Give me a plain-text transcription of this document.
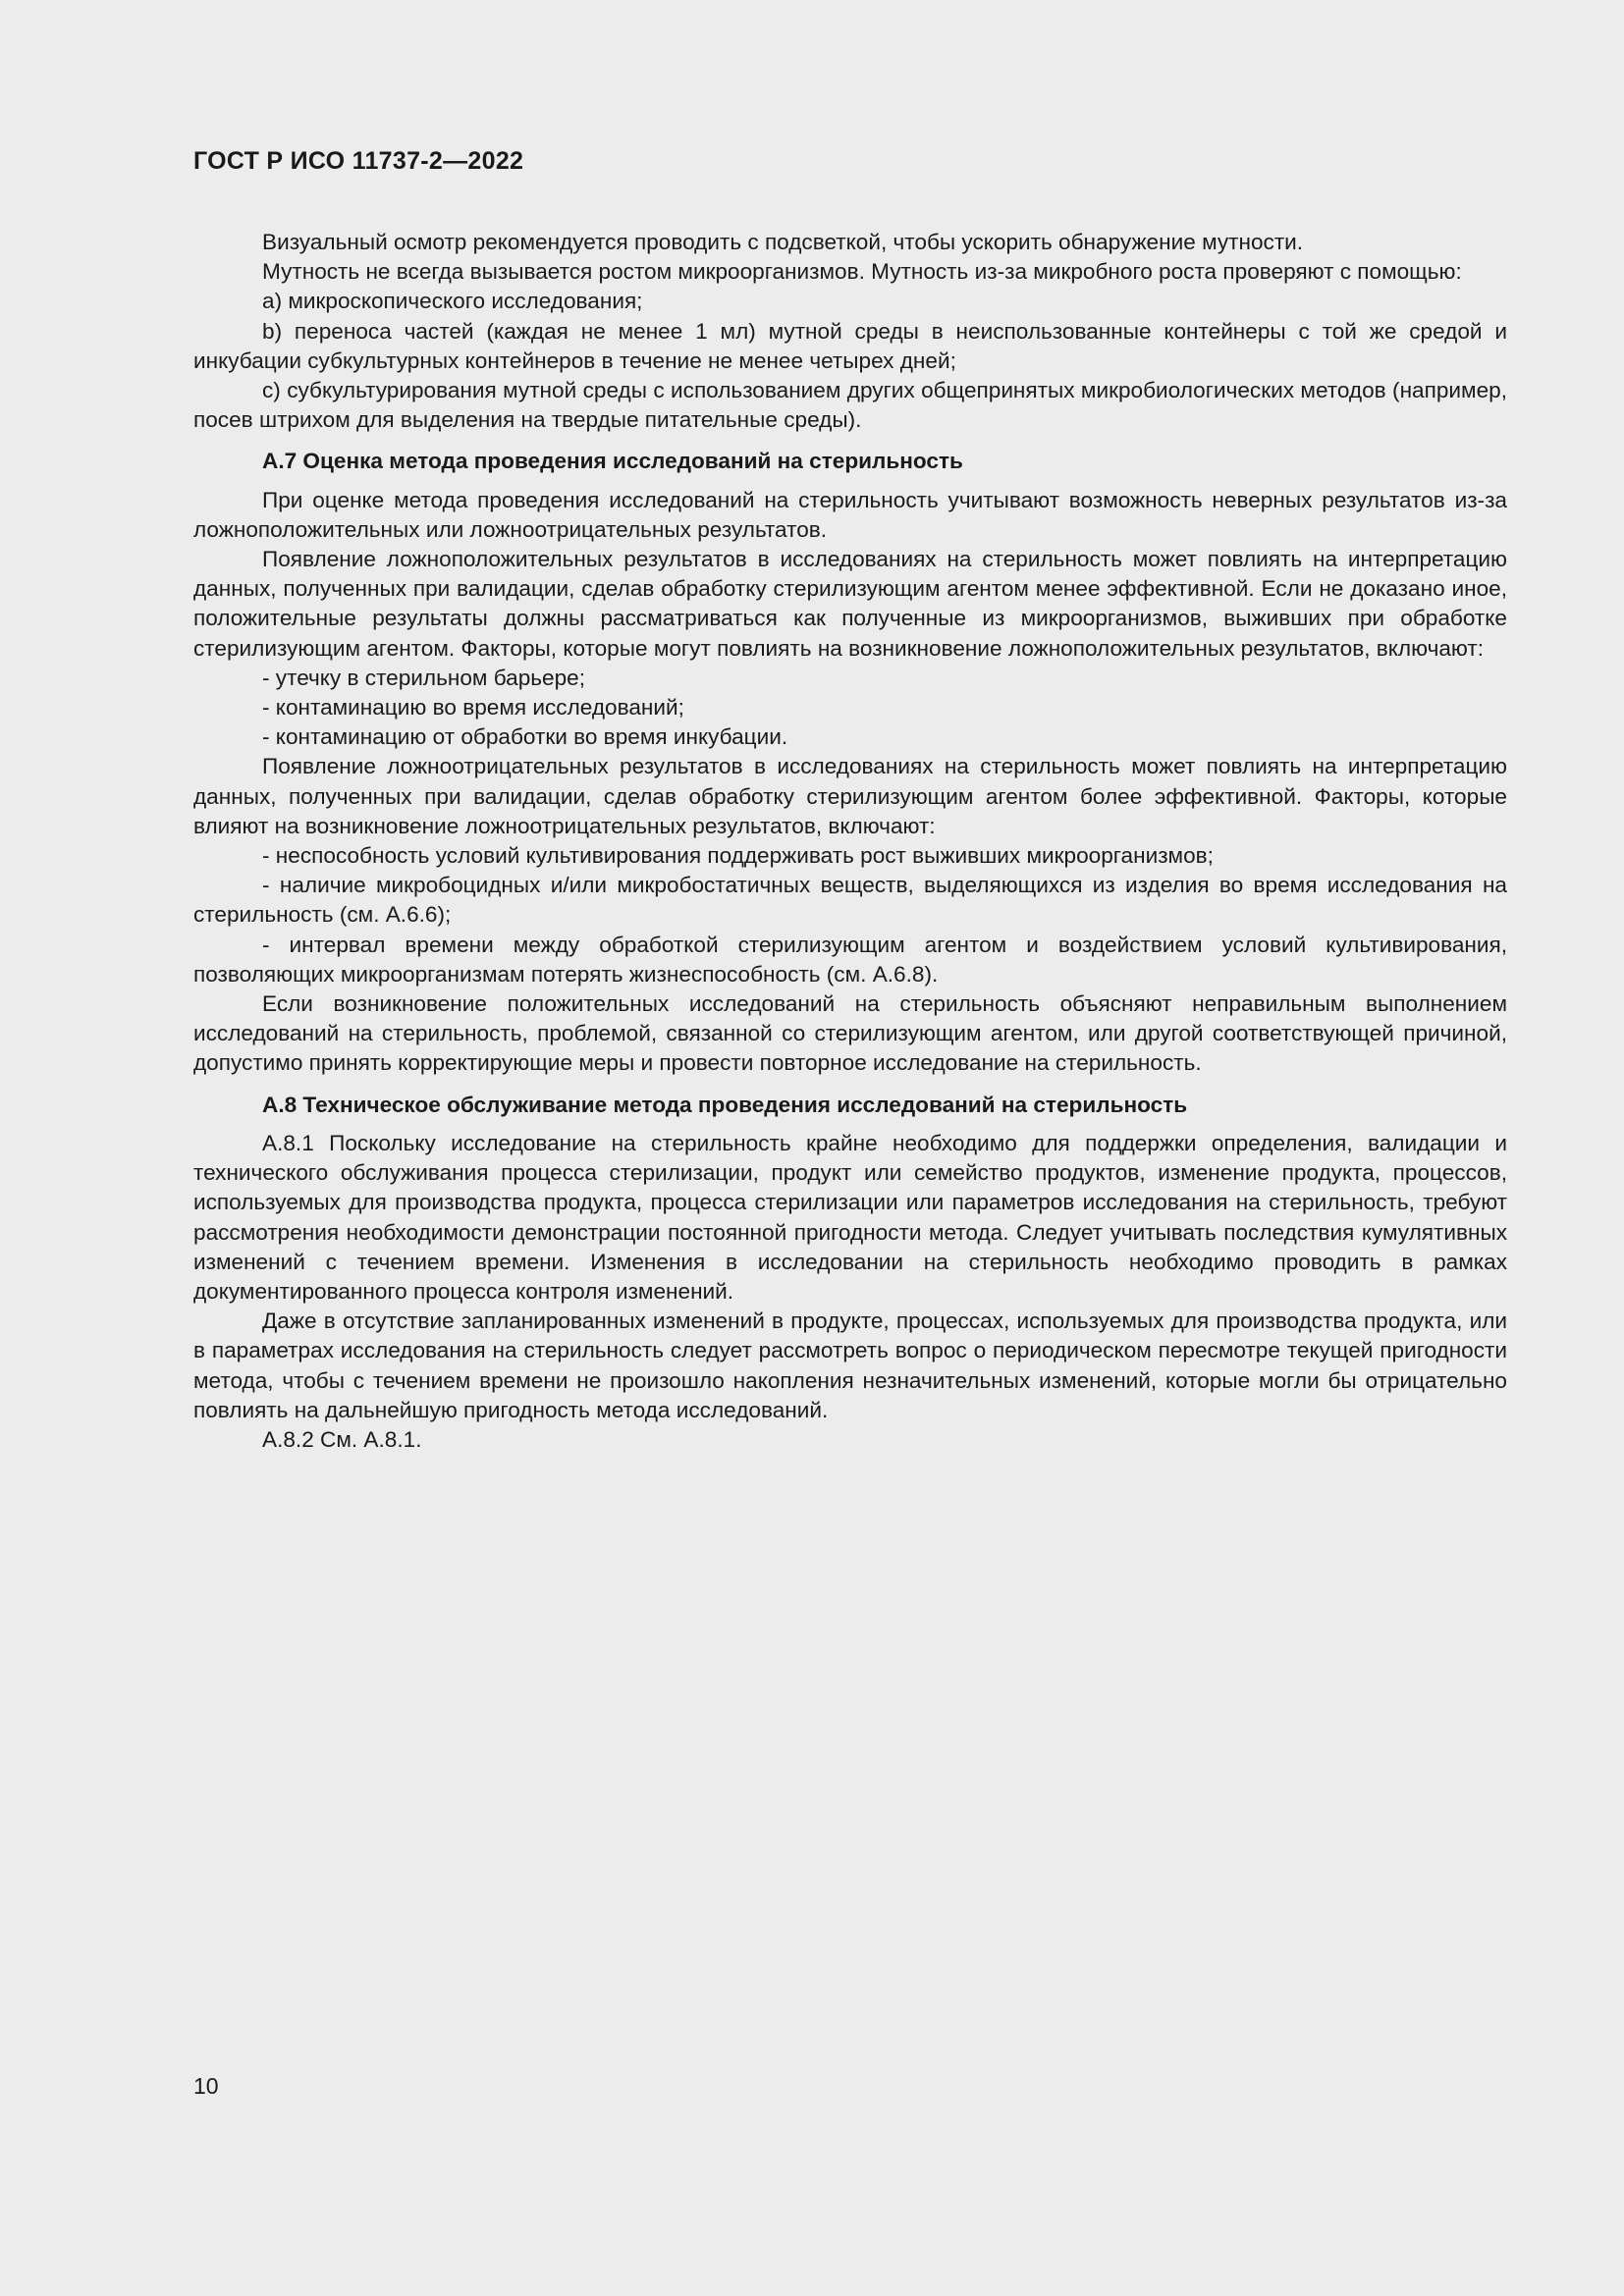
ГОСТ Р ИСО 11737-2—2022

Визуальный осмотр рекомендуется проводить с подсветкой, чтобы ускорить обнаружение мутности.

Мутность не всегда вызывается ростом микроорганизмов. Мутность из-за микробного роста проверяют с помощью:

а) микроскопического исследования;

b) переноса частей (каждая не менее 1 мл) мутной среды в неиспользованные контейнеры с той же средой и инкубации субкультурных контейнеров в течение не менее четырех дней;

с) субкультурирования мутной среды с использованием других общепринятых микробиологических методов (например, посев штрихом для выделения на твердые питательные среды).

А.7 Оценка метода проведения исследований на стерильность

При оценке метода проведения исследований на стерильность учитывают возможность неверных результатов из-за ложноположительных или ложноотрицательных результатов.

Появление ложноположительных результатов в исследованиях на стерильность может повлиять на интерпретацию данных, полученных при валидации, сделав обработку стерилизующим агентом менее эффективной. Если не доказано иное, положительные результаты должны рассматриваться как полученные из микроорганизмов, выживших при обработке стерилизующим агентом. Факторы, которые могут повлиять на возникновение ложноположительных результатов, включают:

- утечку в стерильном барьере;

- контаминацию во время исследований;

- контаминацию от обработки во время инкубации.

Появление ложноотрицательных результатов в исследованиях на стерильность может повлиять на интерпретацию данных, полученных при валидации, сделав обработку стерилизующим агентом более эффективной. Факторы, которые влияют на возникновение ложноотрицательных результатов, включают:

- неспособность условий культивирования поддерживать рост выживших микроорганизмов;

- наличие микробоцидных и/или микробостатичных веществ, выделяющихся из изделия во время исследования на стерильность (см. А.6.6);

- интервал времени между обработкой стерилизующим агентом и воздействием условий культивирования, позволяющих микроорганизмам потерять жизнеспособность (см. А.6.8).

Если возникновение положительных исследований на стерильность объясняют неправильным выполнением исследований на стерильность, проблемой, связанной со стерилизующим агентом, или другой соответствующей причиной, допустимо принять корректирующие меры и провести повторное исследование на стерильность.

А.8 Техническое обслуживание метода проведения исследований на стерильность

А.8.1 Поскольку исследование на стерильность крайне необходимо для поддержки определения, валидации и технического обслуживания процесса стерилизации, продукт или семейство продуктов, изменение продукта, процессов, используемых для производства продукта, процесса стерилизации или параметров исследования на стерильность, требуют рассмотрения необходимости демонстрации постоянной пригодности метода. Следует учитывать последствия кумулятивных изменений с течением времени. Изменения в исследовании на стерильность необходимо проводить в рамках документированного процесса контроля изменений.

Даже в отсутствие запланированных изменений в продукте, процессах, используемых для производства продукта, или в параметрах исследования на стерильность следует рассмотреть вопрос о периодическом пересмотре текущей пригодности метода, чтобы с течением времени не произошло накопления незначительных изменений, которые могли бы отрицательно повлиять на дальнейшую пригодность метода исследований.

А.8.2 См. А.8.1.

10
